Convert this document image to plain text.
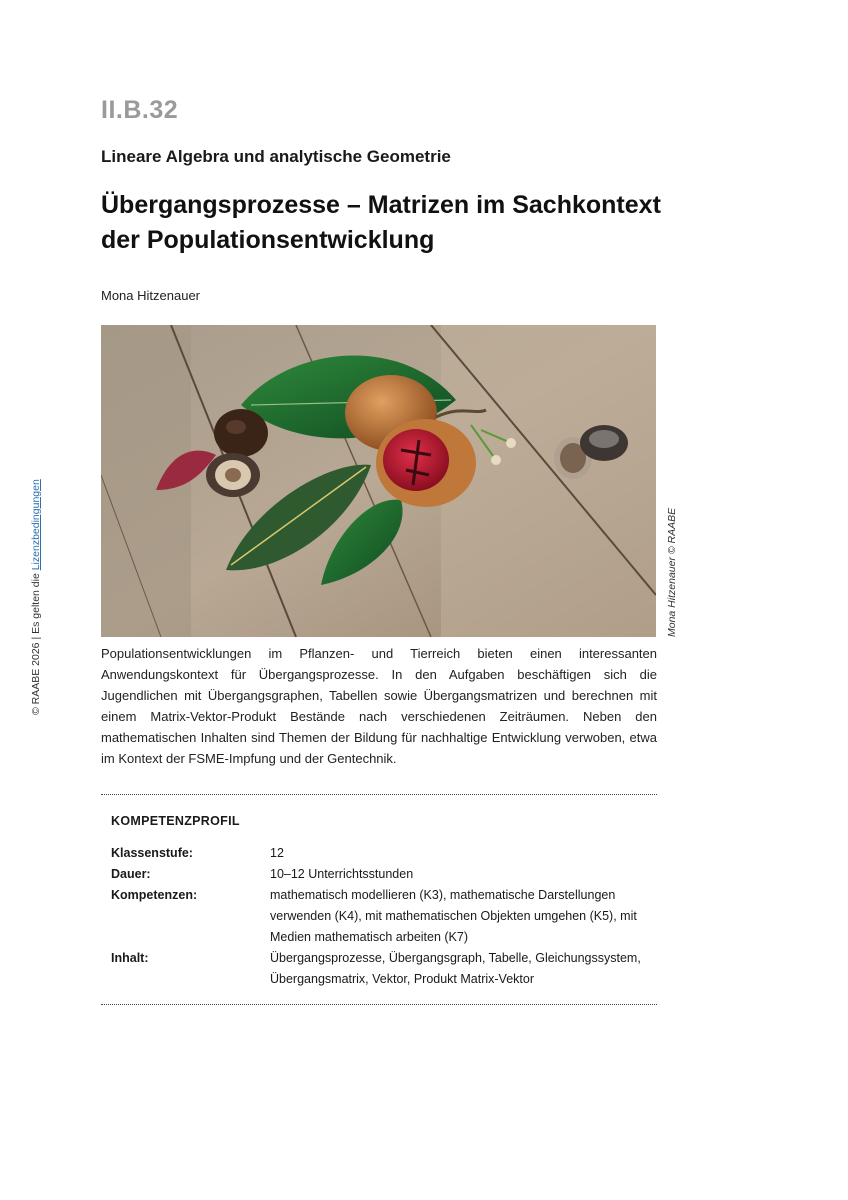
II.B.32
Lineare Algebra und analytische Geometrie
Übergangsprozesse – Matrizen im Sachkontext
der Populationsentwicklung
Mona Hitzenauer
Mona Hitzenauer © RAABE
© RAABE 2026 | Es gelten die Lizenzbedingungen
Populationsentwicklungen im Pflanzen- und Tierreich bieten einen interessanten Anwendungskontext für Übergangsprozesse. In den Aufgaben beschäftigen sich die Jugendlichen mit Übergangsgraphen, Tabellen sowie Übergangsmatrizen und berechnen mit einem Matrix-Vektor-Produkt Bestände nach verschiedenen Zeiträumen. Neben den mathematischen Inhalten sind Themen der Bildung für nachhaltige Entwicklung verwoben, etwa im Kontext der FSME-Impfung und der Gentechnik.
KOMPETENZPROFIL
Klassenstufe:	12
Dauer:	10–12 Unterrichtsstunden
Kompetenzen:	mathematisch modellieren (K3), mathematische Darstellungen verwenden (K4), mit mathematischen Objekten umgehen (K5), mit Medien mathematisch arbeiten (K7)
Inhalt:	Übergangsprozesse, Übergangsgraph, Tabelle, Gleichungssystem, Übergangsmatrix, Vektor, Produkt Matrix-Vektor
